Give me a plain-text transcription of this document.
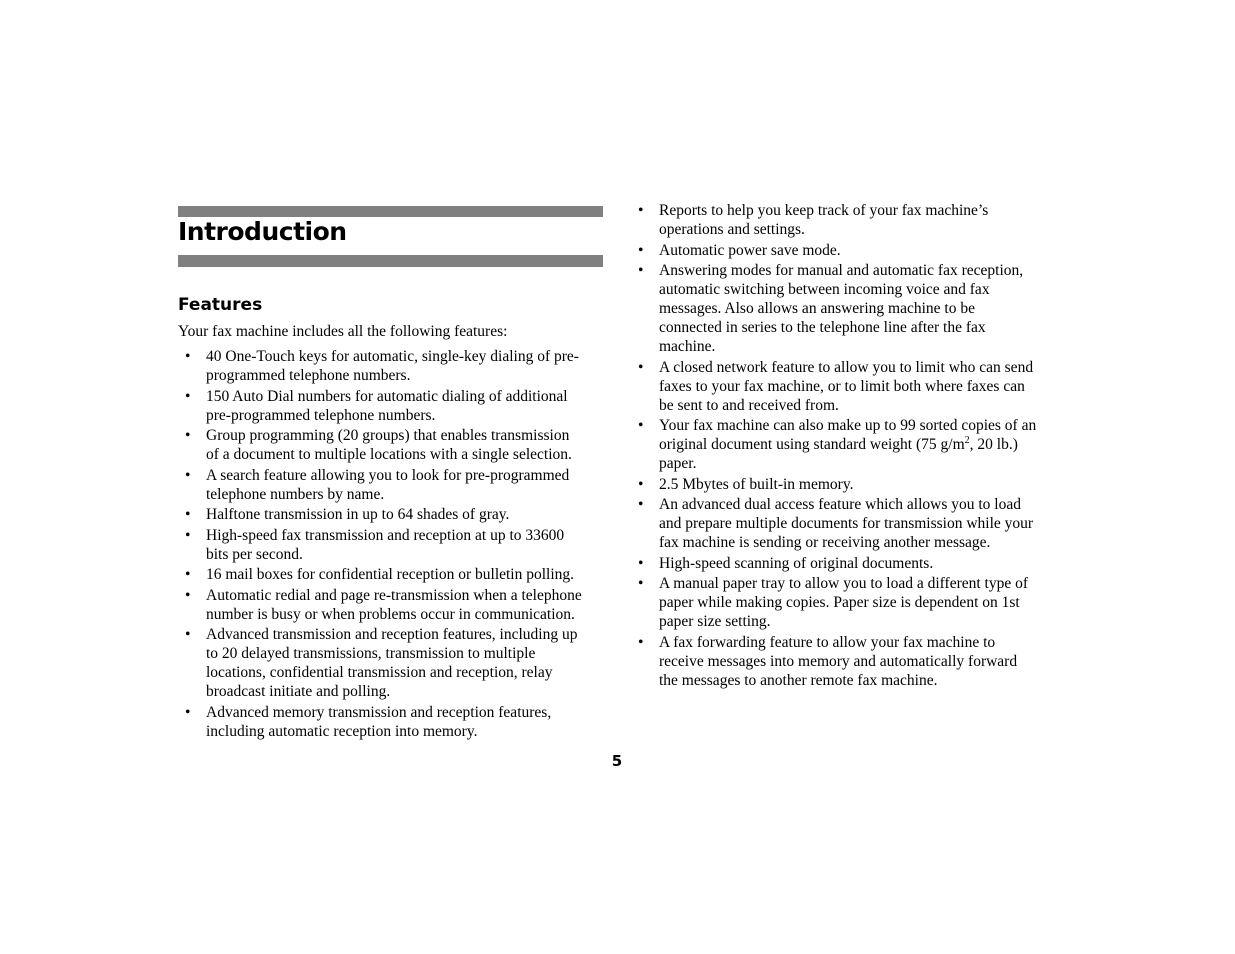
Introduction
Features
Your fax machine includes all the following features:
• 40 One-Touch keys for automatic, single-key dialing of pre-
programmed telephone numbers.
• 150 Auto Dial numbers for automatic dialing of additional
pre-programmed telephone numbers.
• Group programming (20 groups) that enables transmission
of a document to multiple locations with a single selection.
• A search feature allowing you to look for pre-programmed
telephone numbers by name.
• Halftone transmission in up to 64 shades of gray.
• High-speed fax transmission and reception at up to 33600
bits per second.
• 16 mail boxes for confidential reception or bulletin polling.
• Automatic redial and page re-transmission when a telephone
number is busy or when problems occur in communication.
• Advanced transmission and reception features, including up
to 20 delayed transmissions, transmission to multiple
locations, confidential transmission and reception, relay
broadcast initiate and polling.
• Advanced memory transmission and reception features,
including automatic reception into memory.
• Reports to help you keep track of your fax machine’s
operations and settings.
• Automatic power save mode.
• Answering modes for manual and automatic fax reception,
automatic switching between incoming voice and fax
messages. Also allows an answering machine to be
connected in series to the telephone line after the fax
machine.
• A closed network feature to allow you to limit who can send
faxes to your fax machine, or to limit both where faxes can
be sent to and received from.
• Your fax machine can also make up to 99 sorted copies of an
original document using standard weight (75 $g/m^2$, 20 lb.)
paper.
• 2.5 Mbytes of built-in memory.
• An advanced dual access feature which allows you to load
and prepare multiple documents for transmission while your
fax machine is sending or receiving another message.
• High-speed scanning of original documents.
• A manual paper tray to allow you to load a different type of
paper while making copies. Paper size is dependent on 1st
paper size setting.
• A fax forwarding feature to allow your fax machine to
receive messages into memory and automatically forward
the messages to another remote fax machine.
5
